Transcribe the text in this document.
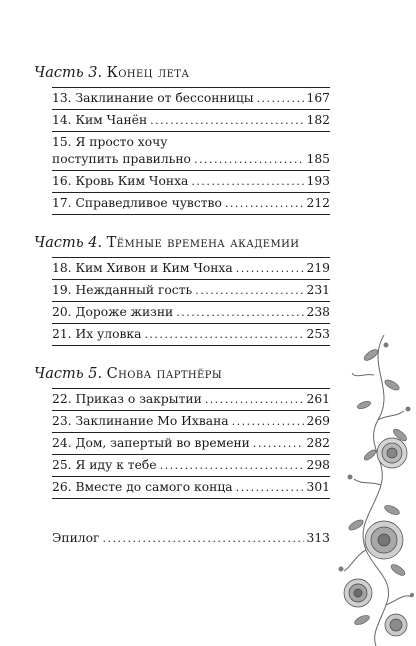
Часть 3. Конец лета
13. Заклинание от бессонницы .....	167
14. Ким Чанён .....	182
15. Я просто хочу
поступить правильно .....	185
16. Кровь Ким Чонха .....	193
17. Справедливое чувство .....	212
Часть 4. Тёмные времена академии
18. Ким Хивон и Ким Чонха .....	219
19. Нежданный гость .....	231
20. Дороже жизни .....	238
21. Их уловка .....	253
Часть 5. Снова партнёры
22. Приказ о закрытии .....	261
23. Заклинание Мо Ихвана .....	269
24. Дом, запертый во времени .....	282
25. Я иду к тебе .....	298
26. Вместе до самого конца .....	301
Эпилог .....	313
